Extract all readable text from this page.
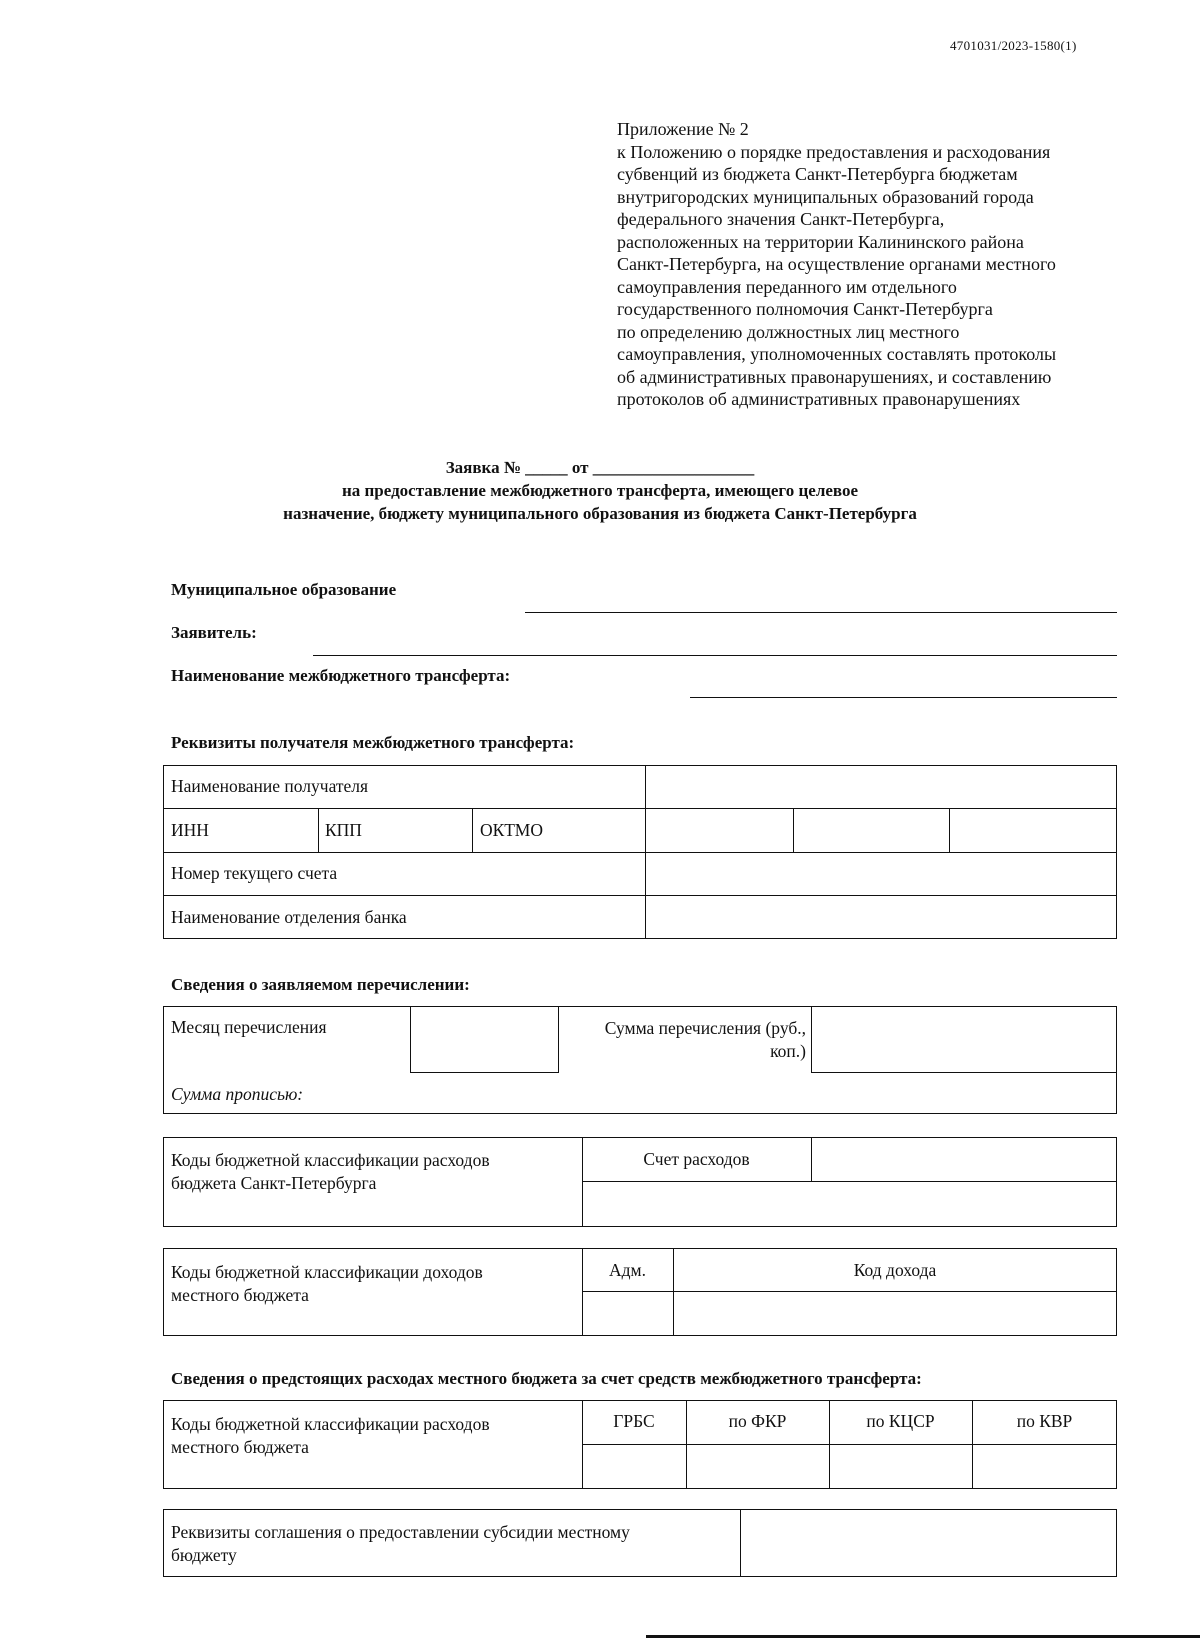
4701031/2023-1580(1)
Приложение № 2
к Положению о порядке предоставления и расходования
субвенций из бюджета Санкт-Петербурга бюджетам
внутригородских муниципальных образований города
федерального значения Санкт-Петербурга,
расположенных на территории Калининского района
Санкт-Петербурга, на осуществление органами местного
самоуправления переданного им отдельного
государственного полномочия Санкт-Петербурга
по определению должностных лиц местного
самоуправления, уполномоченных составлять протоколы
об административных правонарушениях, и составлению
протоколов об административных правонарушениях
Заявка № _____ от ___________________
на предоставление межбюджетного трансферта, имеющего целевое
назначение, бюджету муниципального образования из бюджета Санкт-Петербурга
Муниципальное образование
Заявитель:
Наименование межбюджетного трансферта:
Реквизиты получателя межбюджетного трансферта:
Наименование получателя
ИНН	КПП	ОКТМО
Номер текущего счета
Наименование отделения банка
Сведения о заявляемом перечислении:
Месяц перечисления	Сумма перечисления (руб.,
коп.)
Сумма прописью:
Коды бюджетной классификации расходов
бюджета Санкт-Петербурга
Счет расходов
Коды бюджетной классификации доходов
местного бюджета
Адм.	Код дохода
Сведения о предстоящих расходах местного бюджета за счет средств межбюджетного трансферта:
Коды бюджетной классификации расходов
местного бюджета
ГРБС	по ФКР	по КЦСР	по КВР
Реквизиты соглашения о предоставлении субсидии местному
бюджету
